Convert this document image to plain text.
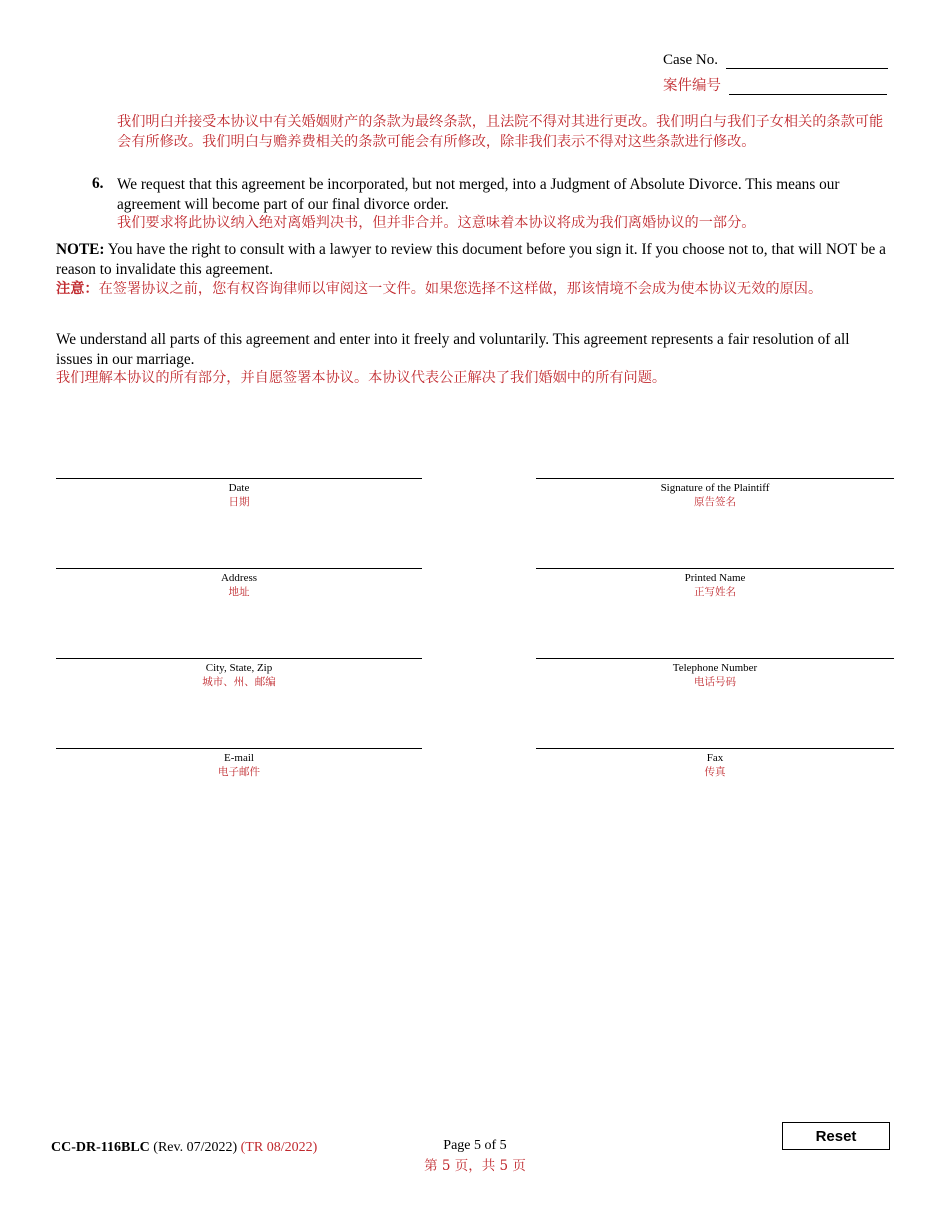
Case No.
案件编号
我们明白并接受本协议中有关婚姻财产的条款为最终条款，且法院不得对其进行更改。我们明白与我们子女相关的条款可能会有所修改。我们明白与赡养费相关的条款可能会有所修改，除非我们表示不得对这些条款进行修改。
6. We request that this agreement be incorporated, but not merged, into a Judgment of Absolute Divorce. This means our agreement will become part of our final divorce order.
我们要求将此协议纳入绝对离婚判决书，但并非合并。这意味着本协议将成为我们离婚协议的一部分。
NOTE: You have the right to consult with a lawyer to review this document before you sign it. If you choose not to, that will NOT be a reason to invalidate this agreement.
注意：在签署协议之前，您有权咨询律师以审阅这一文件。如果您选择不这样做，那该情境不会成为使本协议无效的原因。
We understand all parts of this agreement and enter into it freely and voluntarily. This agreement represents a fair resolution of all issues in our marriage.
我们理解本协议的所有部分，并自愿签署本协议。本协议代表公正解决了我们婚姻中的所有问题。
Date
日期
Address
地址
City, State, Zip
城市、州、邮编
E-mail
电子邮件
Signature of the Plaintiff
原告签名
Printed Name
正写姓名
Telephone Number
电话号码
Fax
传真
CC-DR-116BLC (Rev. 07/2022) (TR 08/2022)	Page 5 of 5
第 5 页，共 5 页
Reset
